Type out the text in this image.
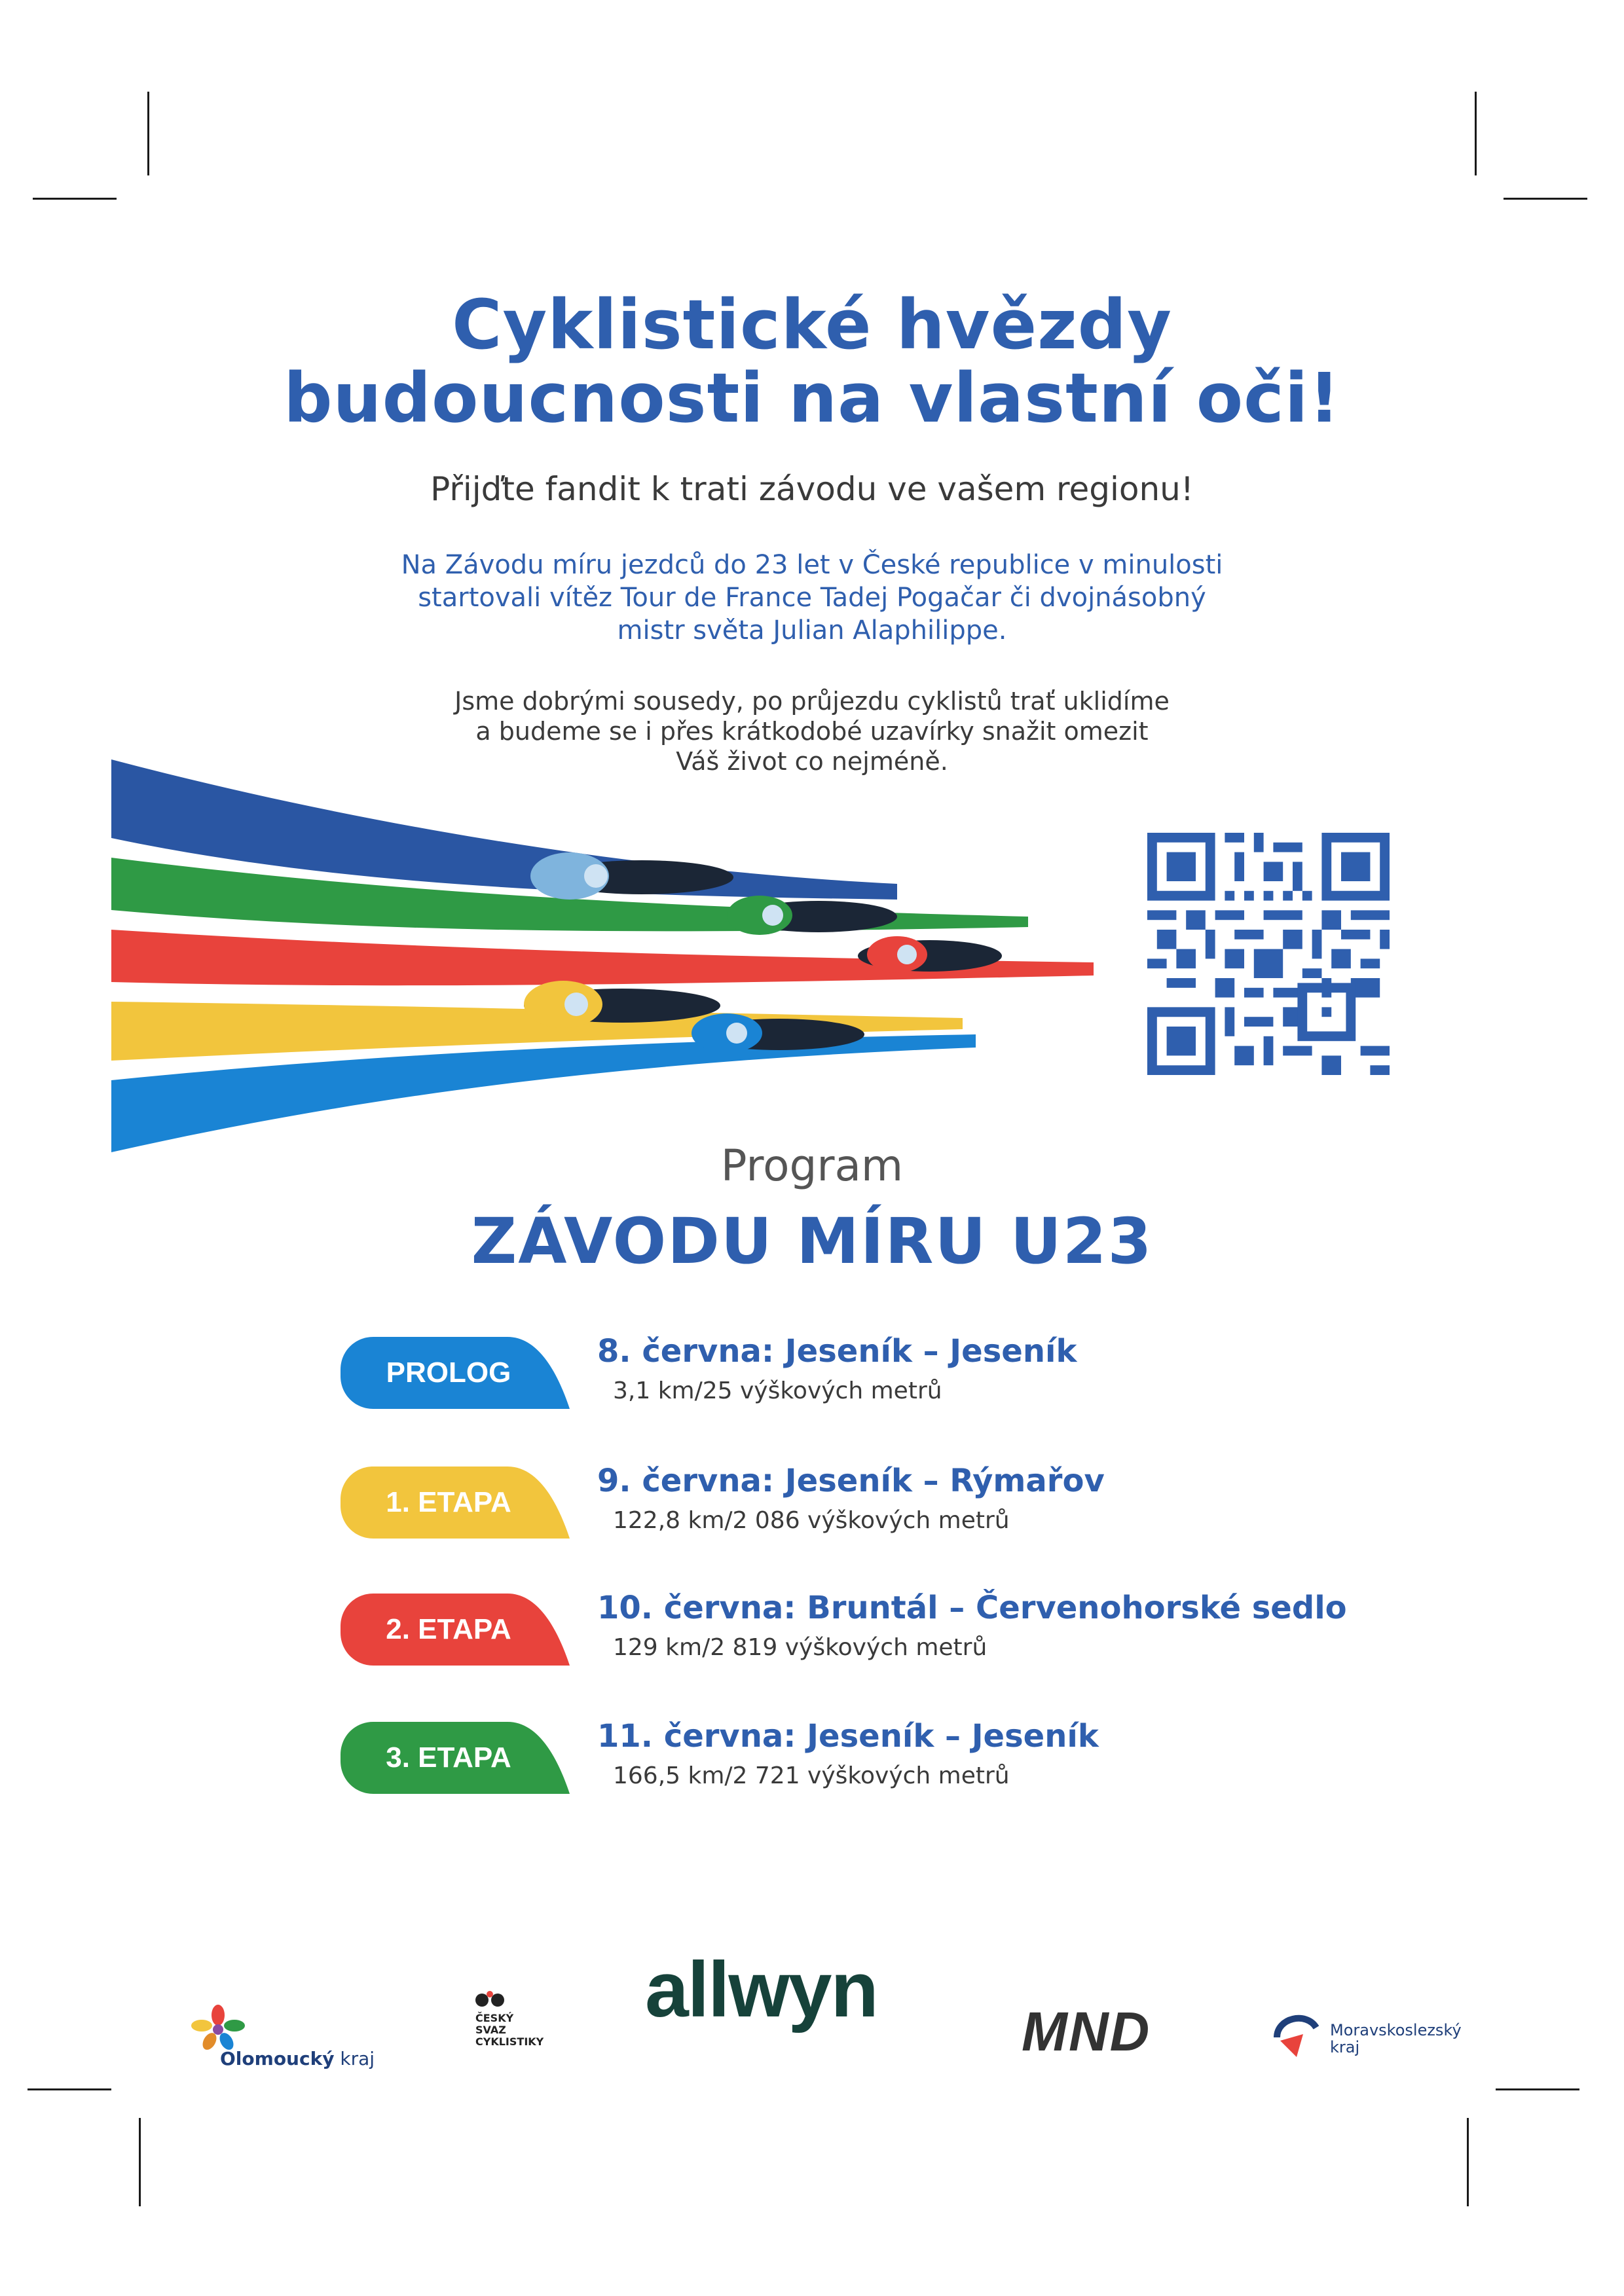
Cyklistické hvězdy
budoucnosti na vlastní oči!
Přijďte fandit k trati závodu ve vašem regionu!
Na Závodu míru jezdců do 23 let v České republice v minulosti
startovali vítěz Tour de France Tadej Pogačar či dvojnásobný
mistr světa Julian Alaphilippe.
Jsme dobrými sousedy, po průjezdu cyklistů trať uklidíme
a budeme se i přes krátkodobé uzavírky snažit omezit
Váš život co nejméně.
Program
ZÁVODU MÍRU U23
PROLOG
8. června: Jeseník – Jeseník
3,1 km/25 výškových metrů
1. ETAPA
9. června: Jeseník – Rýmařov
122,8 km/2 086 výškových metrů
2. ETAPA
10. června: Bruntál – Červenohorské sedlo
129 km/2 819 výškových metrů
3. ETAPA
11. června: Jeseník – Jeseník
166,5 km/2 721 výškových metrů
Olomoucký kraj
ČESKÝ
SVAZ
CYKLISTIKY
allwyn	MND	Moravskoslezský
kraj
